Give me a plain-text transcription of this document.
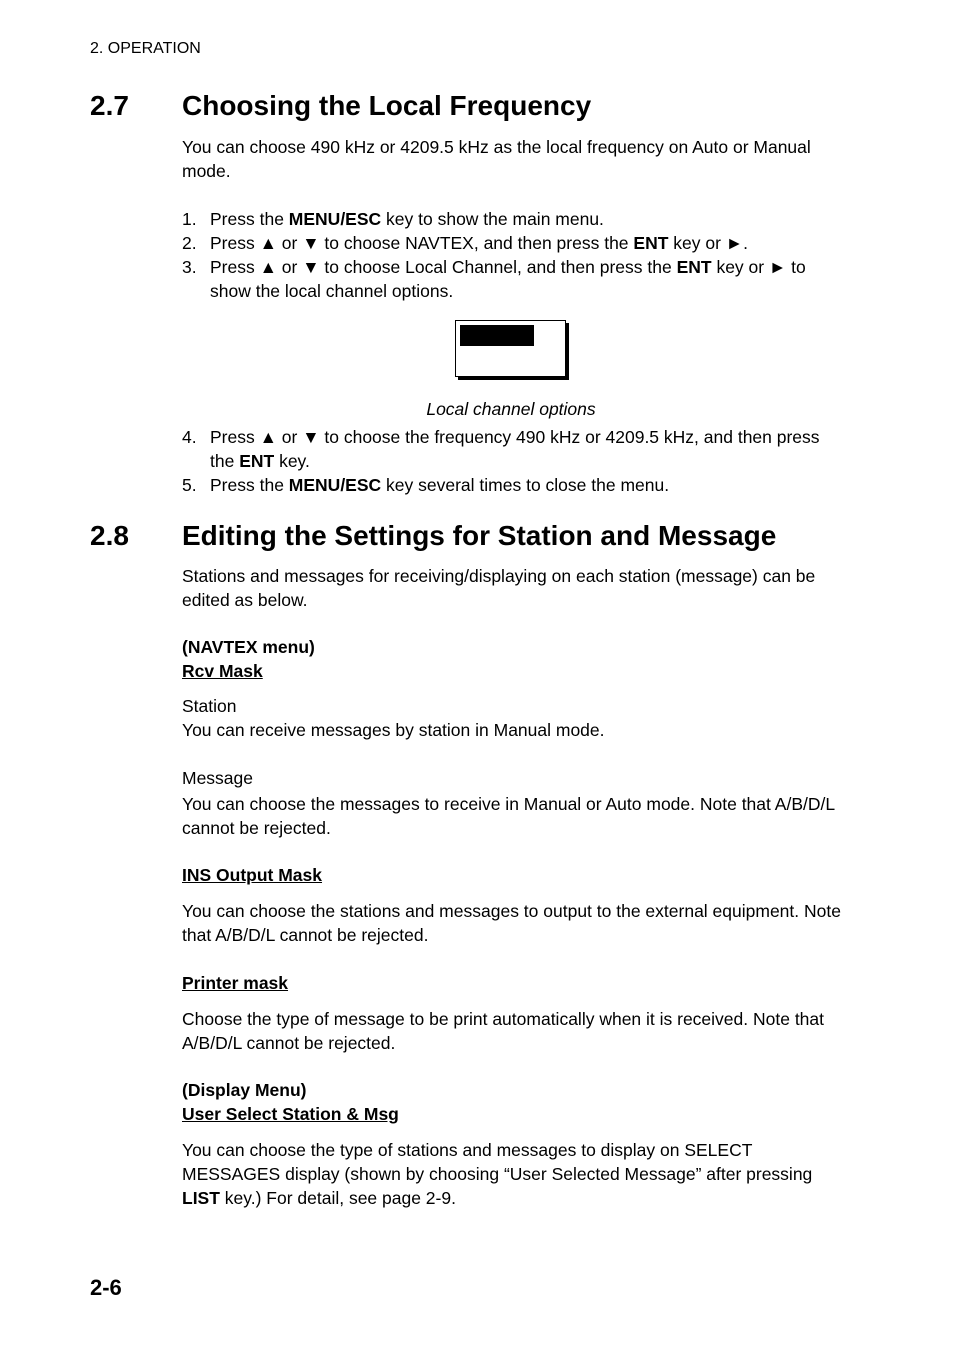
2. OPERATION
2.7 Choosing the Local Frequency

You can choose 490 kHz or 4209.5 kHz as the local frequency on Auto or Manual mode.

1. Press the MENU/ESC key to show the main menu.
2. Press ▲ or ▼ to choose NAVTEX, and then press the ENT key or ►.
3. Press ▲ or ▼ to choose Local Channel, and then press the ENT key or ► to show the local channel options.
Local channel options
4. Press ▲ or ▼ to choose the frequency 490 kHz or 4209.5 kHz, and then press the ENT key.
5. Press the MENU/ESC key several times to close the menu.
2.8 Editing the Settings for Station and Message

Stations and messages for receiving/displaying on each station (message) can be edited as below.

(NAVTEX menu)
Rcv Mask
Station
You can receive messages by station in Manual mode.
Message

You can choose the messages to receive in Manual or Auto mode. Note that A/B/D/L cannot be rejected.

INS Output Mask

You can choose the stations and messages to output to the external equipment. Note that A/B/D/L cannot be rejected.

Printer mask

Choose the type of message to be print automatically when it is received. Note that A/B/D/L cannot be rejected.

(Display Menu)
User Select Station & Msg

You can choose the type of stations and messages to display on SELECT MESSAGES display (shown by choosing “User Selected Message” after pressing LIST key.) For detail, see page 2-9.

2-6
